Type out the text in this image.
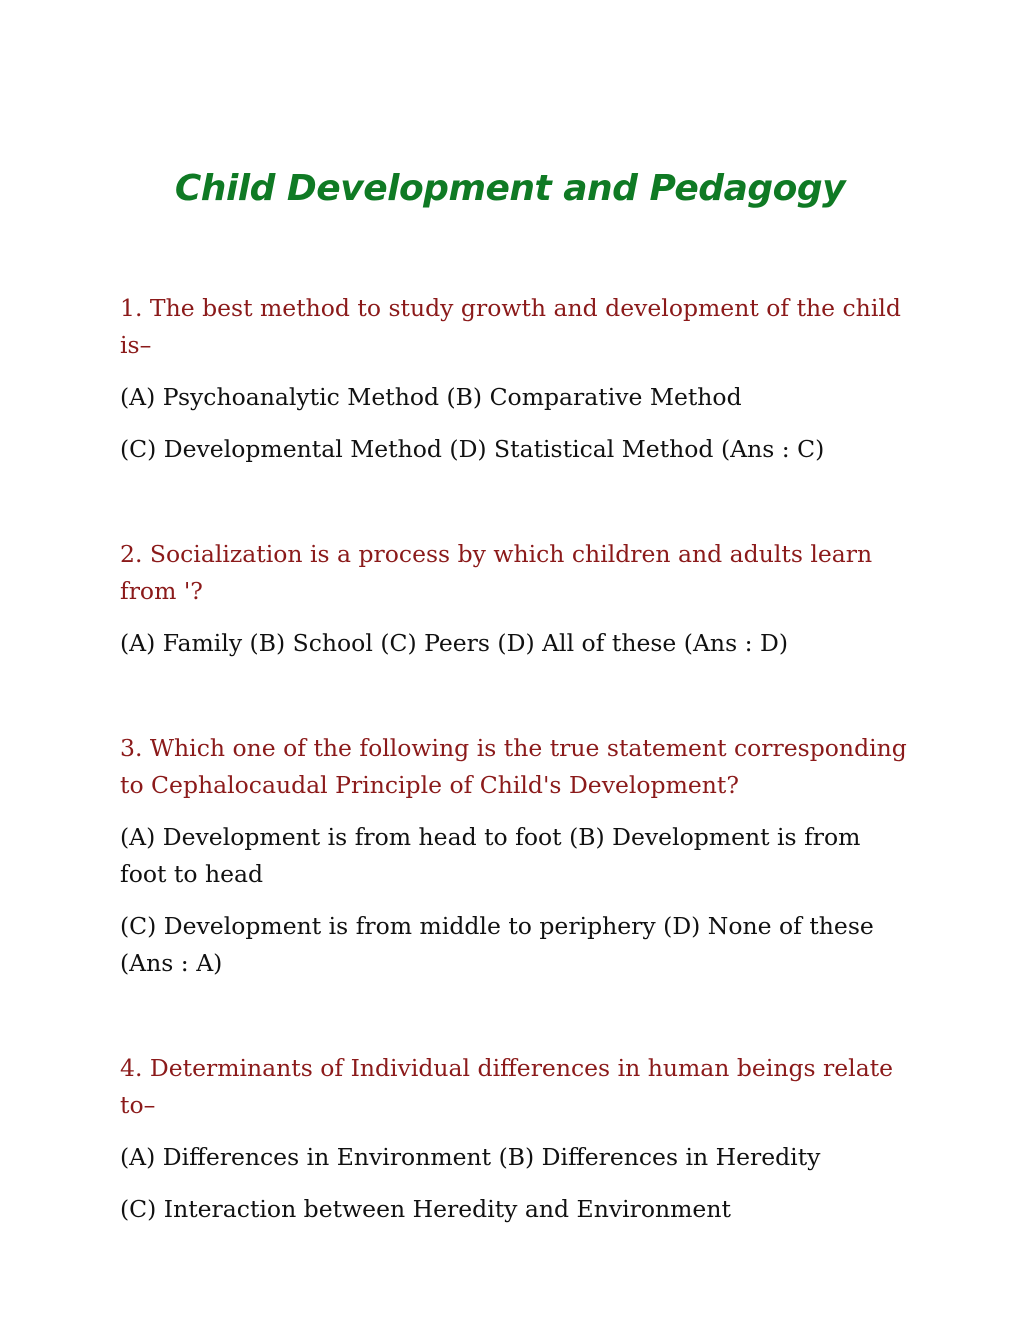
Child Development and Pedagogy

1. The best method to study growth and development of the child is–

(A) Psychoanalytic Method (B) Comparative Method

(C) Developmental Method (D) Statistical Method (Ans : C)

2. Socialization is a process by which children and adults learn from '?

(A) Family (B) School (C) Peers (D) All of these (Ans : D)

3. Which one of the following is the true statement corresponding to Cephalocaudal Principle of Child's Development?

(A) Development is from head to foot (B) Development is from foot to head

(C) Development is from middle to periphery (D) None of these (Ans : A)

4. Determinants of Individual differences in human beings relate to–

(A) Differences in Environment (B) Differences in Heredity

(C) Interaction between Heredity and Environment
